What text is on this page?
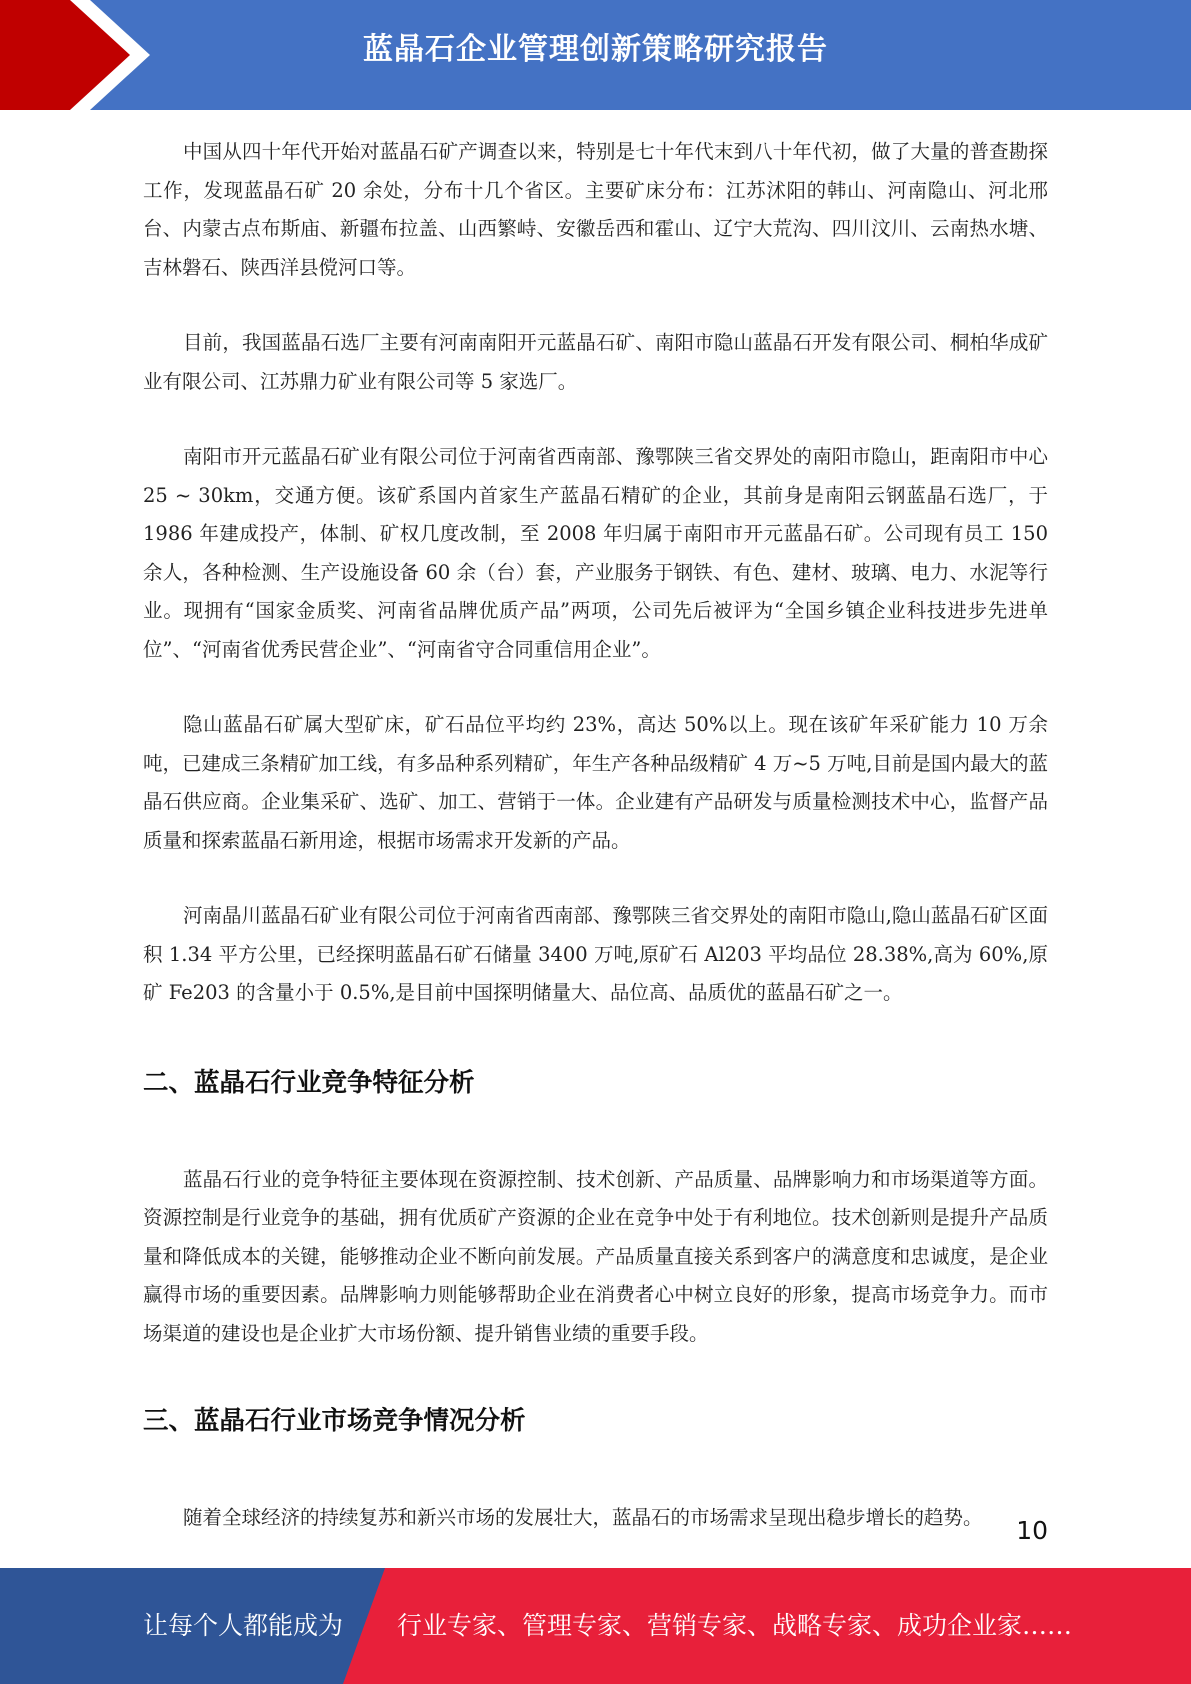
蓝晶石企业管理创新策略研究报告

中国从四十年代开始对蓝晶石矿产调查以来，特别是七十年代末到八十年代初，做了大量的普查勘探工作，发现蓝晶石矿 20 余处，分布十几个省区。主要矿床分布：江苏沭阳的韩山、河南隐山、河北邢台、内蒙古点布斯庙、新疆布拉盖、山西繁峙、安徽岳西和霍山、辽宁大荒沟、四川汶川、云南热水塘、吉林磐石、陕西洋县傥河口等。

目前，我国蓝晶石选厂主要有河南南阳开元蓝晶石矿、南阳市隐山蓝晶石开发有限公司、桐柏华成矿业有限公司、江苏鼎力矿业有限公司等 5 家选厂。

南阳市开元蓝晶石矿业有限公司位于河南省西南部、豫鄂陕三省交界处的南阳市隐山，距南阳市中心 25 ~ 30km，交通方便。该矿系国内首家生产蓝晶石精矿的企业，其前身是南阳云钢蓝晶石选厂，于 1986 年建成投产，体制、矿权几度改制，至 2008 年归属于南阳市开元蓝晶石矿。公司现有员工 150 余人，各种检测、生产设施设备 60 余（台）套，产业服务于钢铁、有色、建材、玻璃、电力、水泥等行业。现拥有“国家金质奖、河南省品牌优质产品”两项，公司先后被评为“全国乡镇企业科技进步先进单位”、“河南省优秀民营企业”、“河南省守合同重信用企业”。

隐山蓝晶石矿属大型矿床，矿石品位平均约 23%，高达 50%以上。现在该矿年采矿能力 10 万余吨，已建成三条精矿加工线，有多品种系列精矿，年生产各种品级精矿 4 万~5 万吨,目前是国内最大的蓝晶石供应商。企业集采矿、选矿、加工、营销于一体。企业建有产品研发与质量检测技术中心，监督产品质量和探索蓝晶石新用途，根据市场需求开发新的产品。

河南晶川蓝晶石矿业有限公司位于河南省西南部、豫鄂陕三省交界处的南阳市隐山,隐山蓝晶石矿区面积 1.34 平方公里，已经探明蓝晶石矿石储量 3400 万吨,原矿石 Al203 平均品位 28.38%,高为 60%,原矿 Fe203 的含量小于 0.5%,是目前中国探明储量大、品位高、品质优的蓝晶石矿之一。

二、蓝晶石行业竞争特征分析

蓝晶石行业的竞争特征主要体现在资源控制、技术创新、产品质量、品牌影响力和市场渠道等方面。资源控制是行业竞争的基础，拥有优质矿产资源的企业在竞争中处于有利地位。技术创新则是提升产品质量和降低成本的关键，能够推动企业不断向前发展。产品质量直接关系到客户的满意度和忠诚度，是企业赢得市场的重要因素。品牌影响力则能够帮助企业在消费者心中树立良好的形象，提高市场竞争力。而市场渠道的建设也是企业扩大市场份额、提升销售业绩的重要手段。

三、蓝晶石行业市场竞争情况分析

随着全球经济的持续复苏和新兴市场的发展壮大，蓝晶石的市场需求呈现出稳步增长的趋势。	10
让每个人都能成为 行业专家、管理专家、营销专家、战略专家、成功企业家……
